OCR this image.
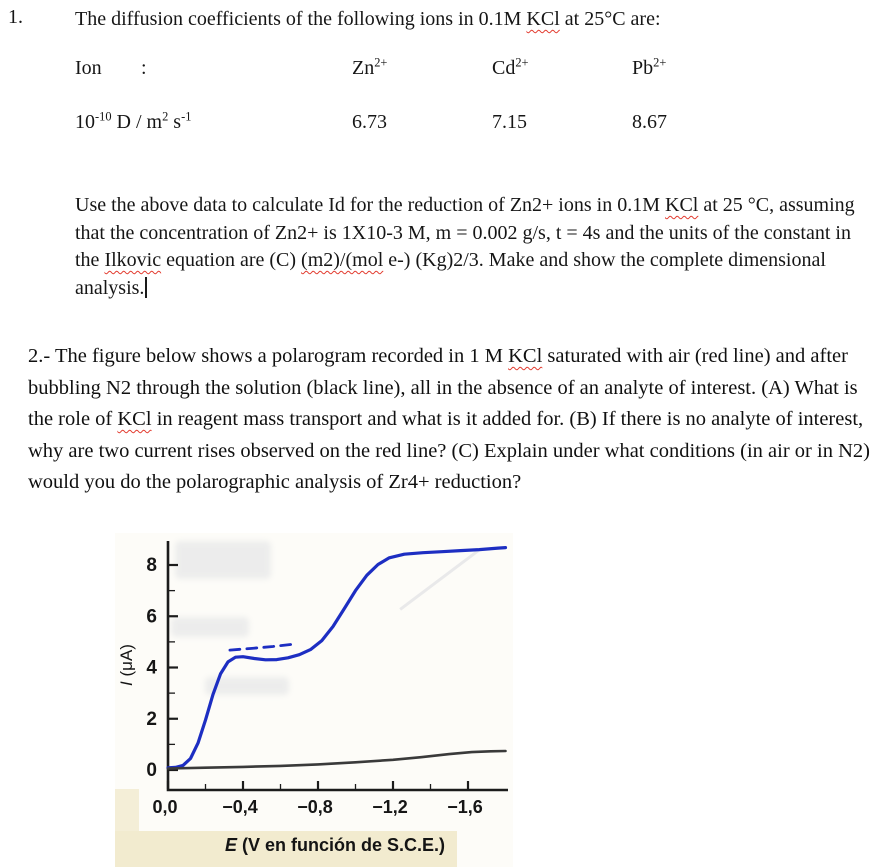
1.	The diffusion coefficients of the following ions in 0.1M KCl at 25°C are:
Ion :	$Zn^{2+}$	$Cd^{2+}$	$Pb^{2+}$
$10^{-10}$ D / $m^2$ $s^{-1}$	6.73	7.15	8.67
Use the above data to calculate Id for the reduction of Zn2+ ions in 0.1M KCl at 25 °C, assuming that the concentration of Zn2+ is 1X10-3 M, m = 0.002 g/s, t = 4s and the units of the constant in the Ilkovic equation are (C) (m2)/(mol e-) (Kg)2/3. Make and show the complete dimensional analysis.
2.- The figure below shows a polarogram recorded in 1 M KCl saturated with air (red line) and after bubbling N2 through the solution (black line), all in the absence of an analyte of interest. (A) What is the role of KCl in reagent mass transport and what is it added for. (B) If there is no analyte of interest, why are two current rises observed on the red line? (C) Explain under what conditions (in air or in N2) would you do the polarographic analysis of Zr4+ reduction?
0
2
4
6
8
0,0 −0,4 −0,8 −1,2 −1,6
I (μA)
E (V en función de S.C.E.)
